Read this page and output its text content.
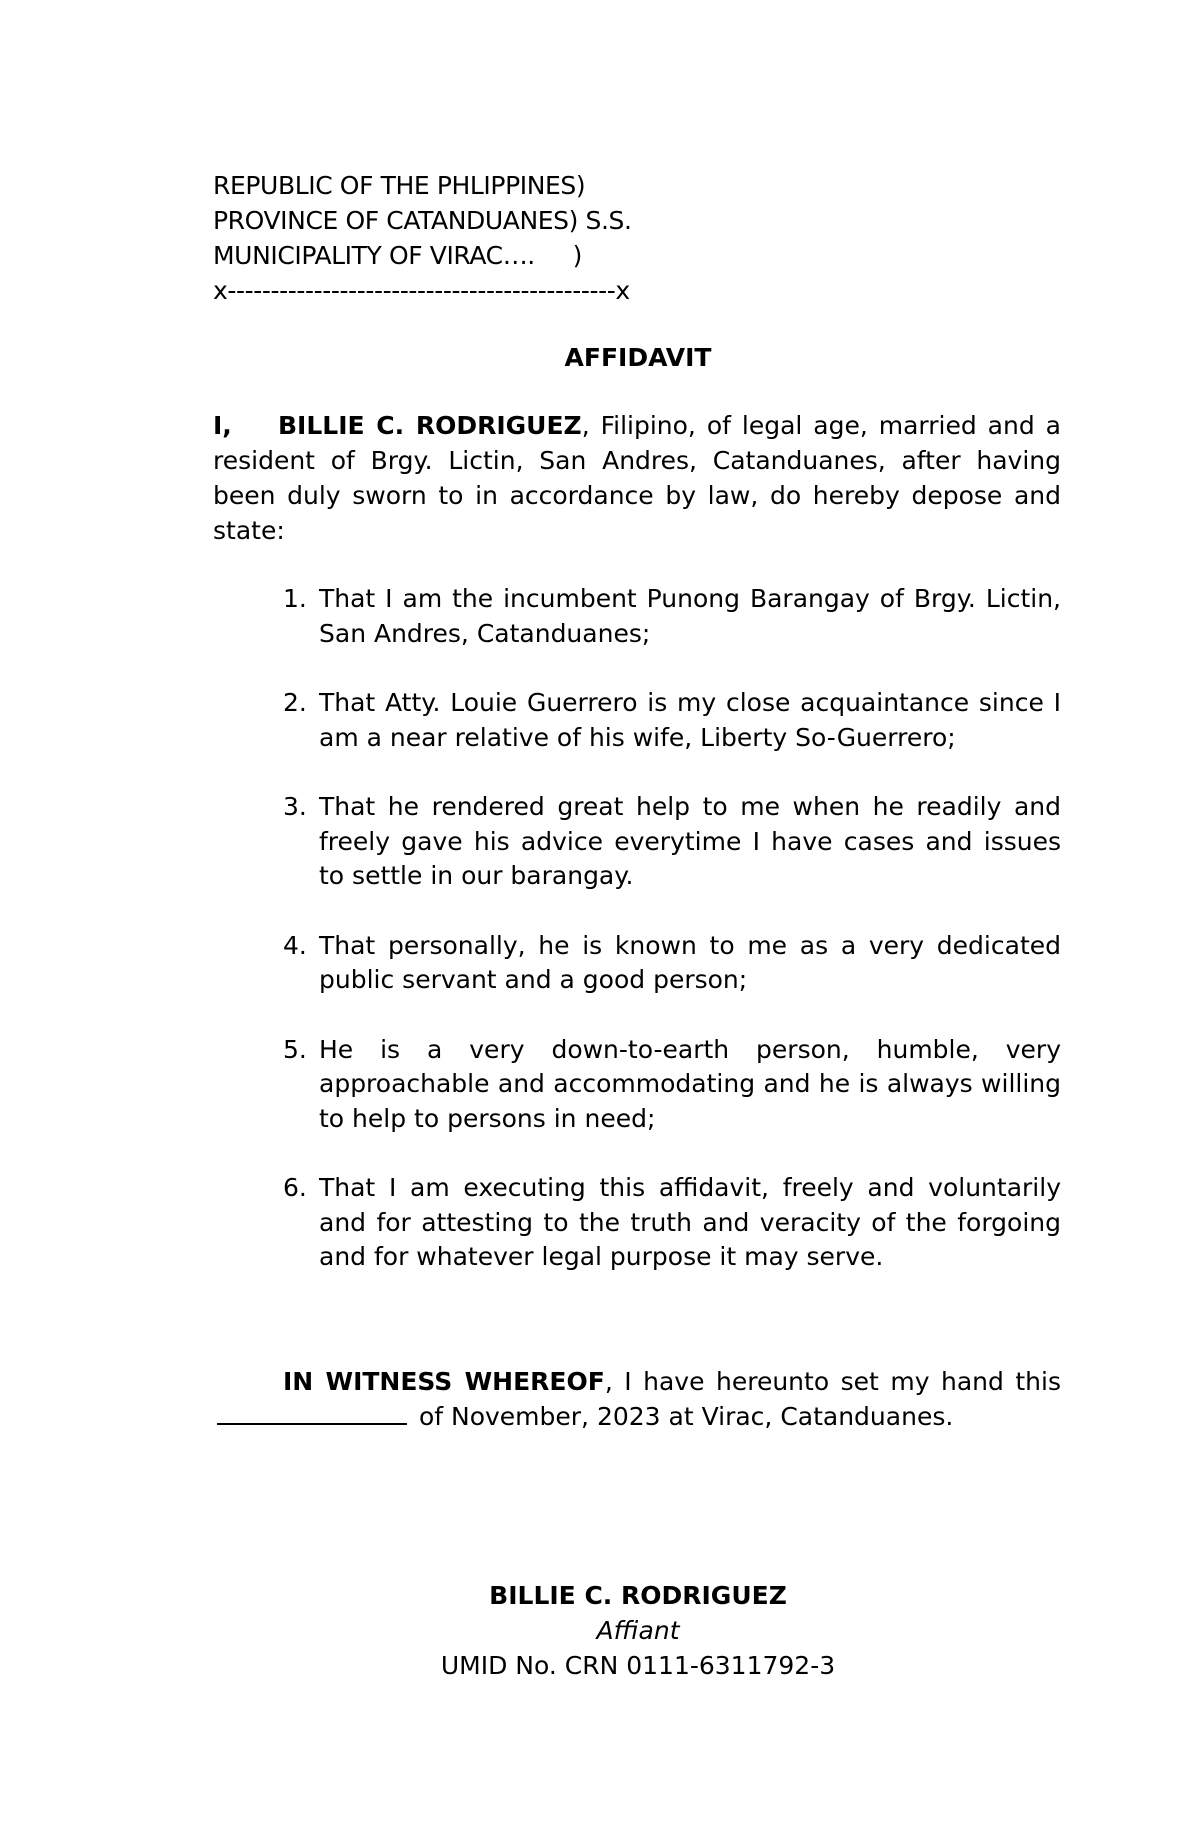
REPUBLIC OF THE PHLIPPINES)
PROVINCE OF CATANDUANES) S.S.
MUNICIPALITY OF VIRAC….     )
x---------------------------------------------x
AFFIDAVIT
I, BILLIE C. RODRIGUEZ, Filipino, of legal age, married and a resident of Brgy. Lictin, San Andres, Catanduanes, after having been duly sworn to in accordance by law, do hereby depose and state:
1. That I am the incumbent Punong Barangay of Brgy. Lictin, San Andres, Catanduanes;
2. That Atty. Louie Guerrero is my close acquaintance since I am a near relative of his wife, Liberty So-Guerrero;
3. That he rendered great help to me when he readily and freely gave his advice everytime I have cases and issues to settle in our barangay.
4. That personally, he is known to me as a very dedicated public servant and a good person;
5. He is a very down-to-earth person, humble, very approachable and accommodating and he is always willing to help to persons in need;
6. That I am executing this affidavit, freely and voluntarily and for attesting to the truth and veracity of the forgoing and for whatever legal purpose it may serve.
IN WITNESS WHEREOF, I have hereunto set my hand this  of November, 2023 at Virac, Catanduanes.
BILLIE C. RODRIGUEZ
Affiant
UMID No. CRN 0111-6311792-3
